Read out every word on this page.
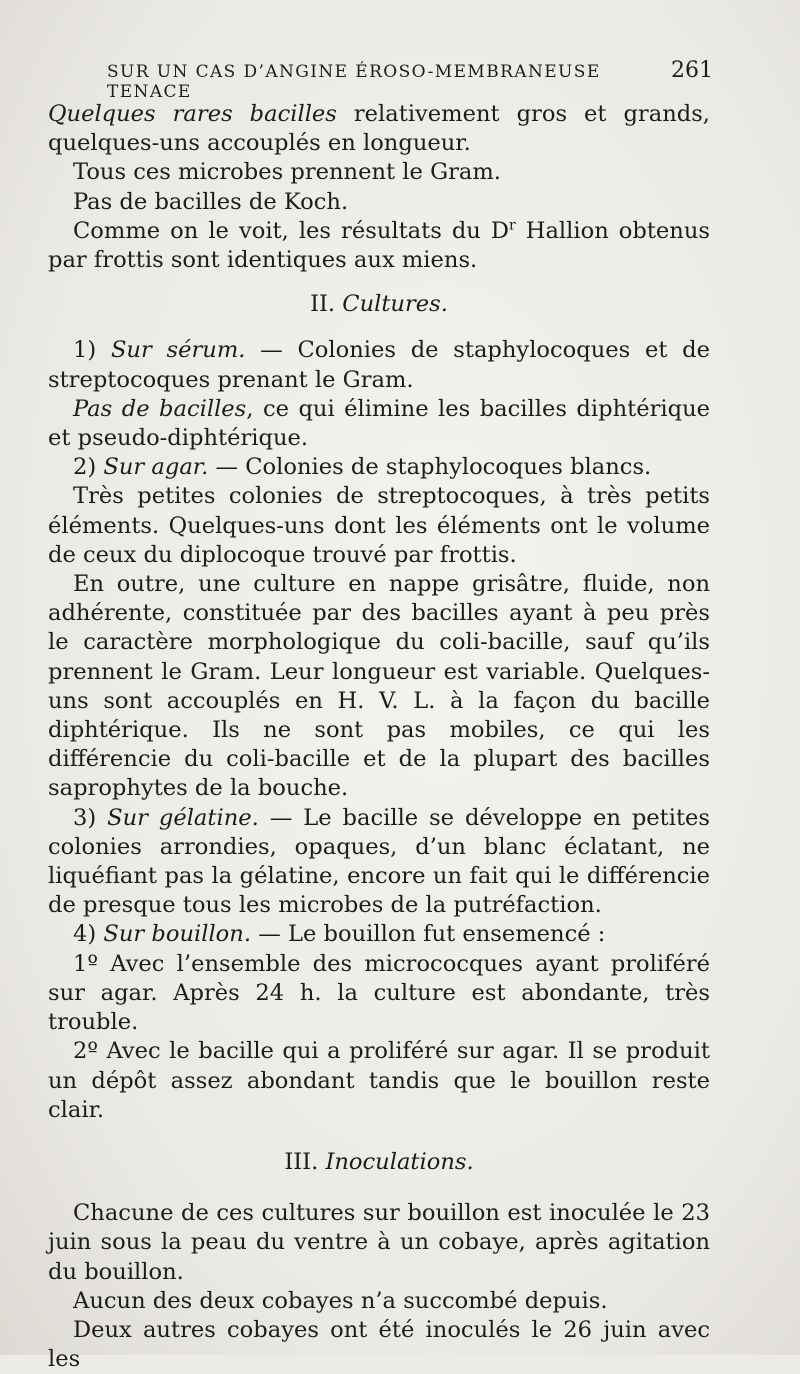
SUR UN CAS D’ANGINE ÉROSO-MEMBRANEUSE TENACE
261

Quelques rares bacilles relativement gros et grands, quelques-uns accouplés en longueur.

Tous ces microbes prennent le Gram.

Pas de bacilles de Koch.

Comme on le voit, les résultats du $D^r$ Hallion obtenus par frottis sont identiques aux miens.

II. Cultures.

1) Sur sérum. — Colonies de staphylocoques et de streptocoques prenant le Gram.

Pas de bacilles, ce qui élimine les bacilles diphtérique et pseudo-diphtérique.

2) Sur agar. — Colonies de staphylocoques blancs.

Très petites colonies de streptocoques, à très petits éléments. Quelques-uns dont les éléments ont le volume de ceux du diplocoque trouvé par frottis.

En outre, une culture en nappe grisâtre, fluide, non adhérente, constituée par des bacilles ayant à peu près le caractère morphologique du coli-bacille, sauf qu’ils prennent le Gram. Leur longueur est variable. Quelques-uns sont accouplés en H. V. L. à la façon du bacille diphtérique. Ils ne sont pas mobiles, ce qui les différencie du coli-bacille et de la plupart des bacilles saprophytes de la bouche.

3) Sur gélatine. — Le bacille se développe en petites colonies arrondies, opaques, d’un blanc éclatant, ne liquéfiant pas la gélatine, encore un fait qui le différencie de presque tous les microbes de la putréfaction.

4) Sur bouillon. — Le bouillon fut ensemencé :

1º Avec l’ensemble des micrococques ayant proliféré sur agar. Après 24 h. la culture est abondante, très trouble.

2º Avec le bacille qui a proliféré sur agar. Il se produit un dépôt assez abondant tandis que le bouillon reste clair.

III. Inoculations.

Chacune de ces cultures sur bouillon est inoculée le 23 juin sous la peau du ventre à un cobaye, après agitation du bouillon.

Aucun des deux cobayes n’a succombé depuis.

Deux autres cobayes ont été inoculés le 26 juin avec les
